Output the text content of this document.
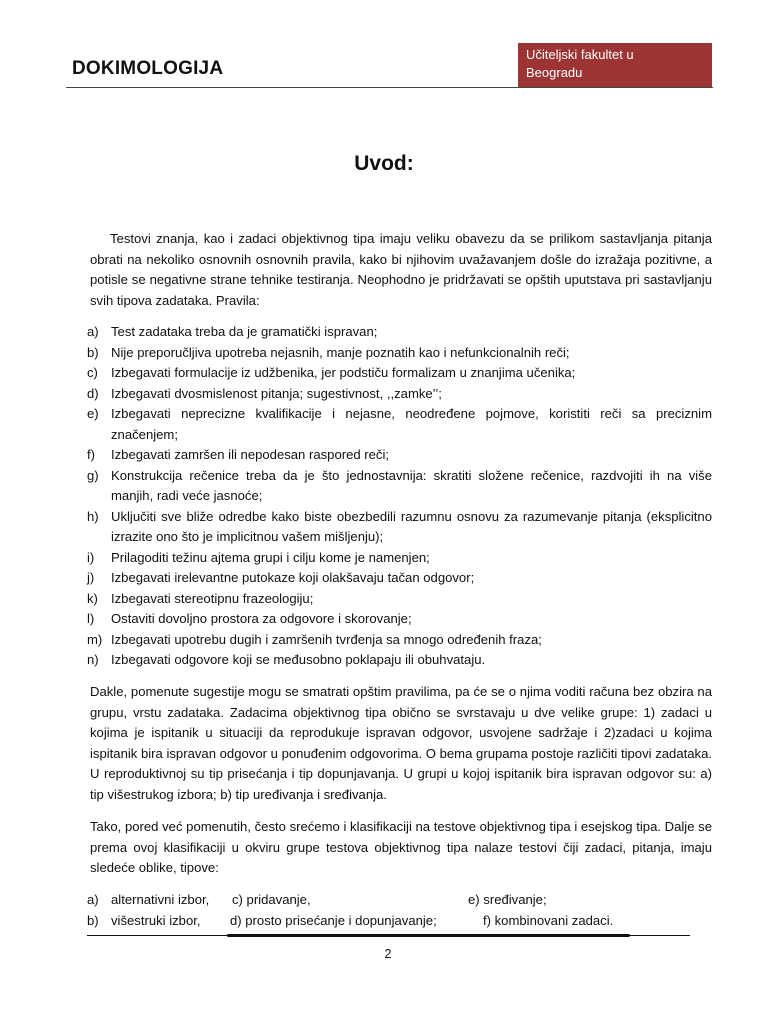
DOKIMOLOGIJA
Učiteljski fakultet u
Beogradu
Uvod:
Testovi znanja, kao i zadaci objektivnog tipa imaju veliku obavezu da se prilikom sastavljanja pitanja obrati na nekoliko osnovnih osnovnih pravila, kako bi njihovim uvažavanjem došle do izražaja pozitivne, a potisle se negativne strane tehnike testiranja. Neophodno je pridržavati se opštih uputstava pri sastavljanju svih tipova zadataka. Pravila:
a) Test zadataka treba da je gramatički ispravan;
b) Nije preporučljiva upotreba nejasnih, manje poznatih kao i nefunkcionalnih reči;
c) Izbegavati formulacije iz udžbenika, jer podstiču formalizam u znanjima učenika;
d) Izbegavati dvosmislenost pitanja; sugestivnost, ,,zamke’’;
e) Izbegavati neprecizne kvalifikacije i nejasne, neodređene pojmove, koristiti reči sa preciznim značenjem;
f) Izbegavati zamršen ili nepodesan raspored reči;
g) Konstrukcija rečenice treba da je što jednostavnija: skratiti složene rečenice, razdvojiti ih na više manjih, radi veće jasnoće;
h) Uključiti sve bliže odredbe kako biste obezbedili razumnu osnovu za razumevanje pitanja (eksplicitno izrazite ono što je implicitnou vašem mišljenju);
i) Prilagoditi težinu ajtema grupi i cilju kome je namenjen;
j) Izbegavati irelevantne putokaze koji olakšavaju tačan odgovor;
k) Izbegavati stereotipnu frazeologiju;
l) Ostaviti dovoljno prostora za odgovore i skorovanje;
m) Izbegavati upotrebu dugih i zamršenih tvrđenja sa mnogo određenih fraza;
n) Izbegavati odgovore koji se međusobno poklapaju ili obuhvataju.
Dakle, pomenute sugestije mogu se smatrati opštim pravilima, pa će se o njima voditi računa bez obzira na grupu, vrstu zadataka. Zadacima objektivnog tipa obično se svrstavaju u dve velike grupe: 1) zadaci u kojima je ispitanik u situaciji da reprodukuje ispravan odgovor, usvojene sadržaje i 2)zadaci u kojima ispitanik bira ispravan odgovor u ponuđenim odgovorima. O bema grupama postoje različiti tipovi zadataka. U reproduktivnoj su tip prisećanja i tip dopunjavanja. U grupi u kojoj ispitanik bira ispravan odgovor su: a) tip višestrukog izbora; b) tip uređivanja i sređivanja.
Tako, pored već pomenutih, često srećemo i klasifikaciji na testove objektivnog tipa i esejskog tipa. Dalje se prema ovoj klasifikaciji u okviru grupe testova objektivnog tipa nalaze testovi čiji zadaci, pitanja, imaju sledeće oblike, tipove:
a) alternativni izbor, c) pridavanje,	e) sređivanje;
b) višestruki izbor, d) prosto prisećanje i dopunjavanje;	f) kombinovani zadaci.
2
